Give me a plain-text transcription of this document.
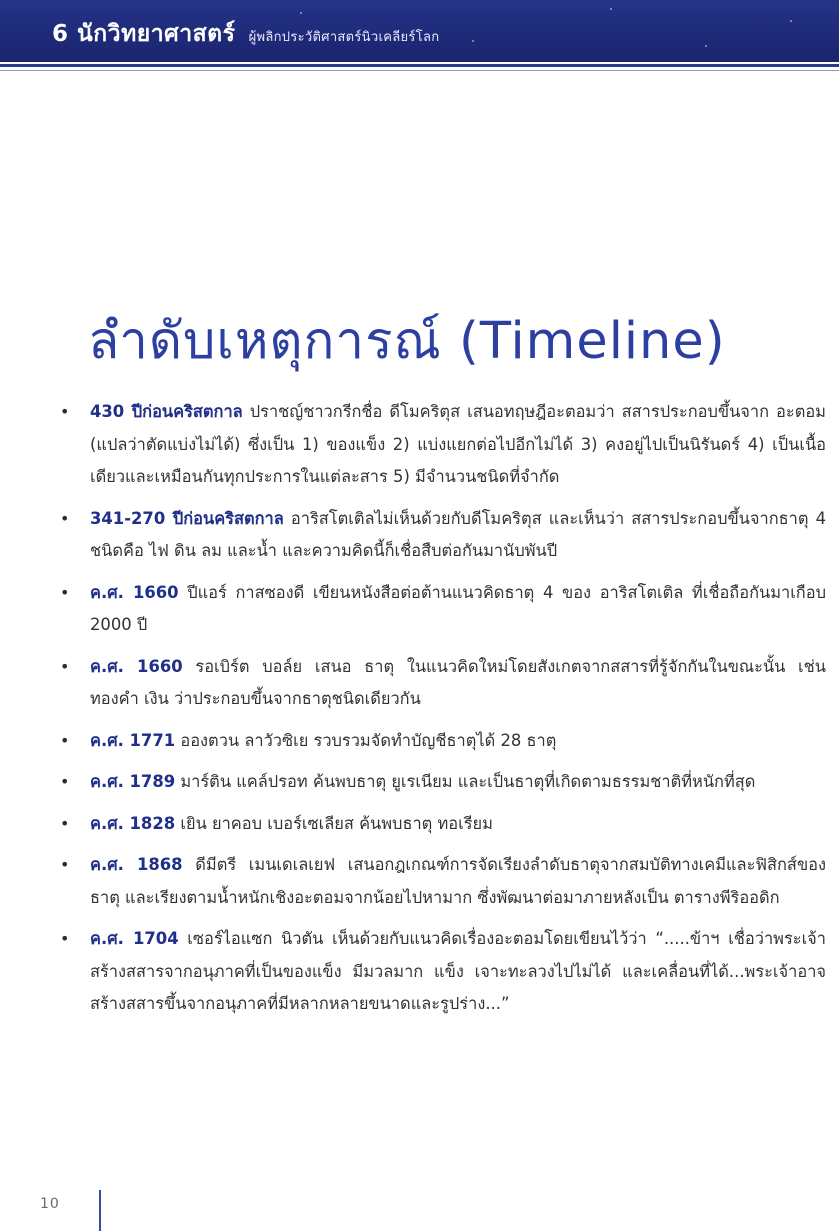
6 นักวิทยาศาสตร์ ผู้พลิกประวัติศาสตร์นิวเคลียร์โลก
ลำดับเหตุการณ์ (Timeline)
• 430 ปีก่อนคริสตกาล ปราชญ์ชาวกรีกชื่อ ดีโมคริตุส เสนอทฤษฎีอะตอมว่า สสารประกอบขึ้นจาก อะตอม (แปลว่าตัดแบ่งไม่ได้) ซึ่งเป็น 1) ของแข็ง 2) แบ่งแยกต่อไปอีกไม่ได้ 3) คงอยู่ไปเป็นนิรันดร์ 4) เป็นเนื้อเดียวและเหมือนกันทุกประการในแต่ละสาร 5) มีจำนวนชนิดที่จำกัด
• 341-270 ปีก่อนคริสตกาล อาริสโตเติลไม่เห็นด้วยกับดีโมคริตุส และเห็นว่า สสารประกอบขึ้นจากธาตุ 4 ชนิดคือ ไฟ ดิน ลม และน้ำ และความคิดนี้ก็เชื่อสืบต่อกันมานับพันปี
• ค.ศ. 1660 ปีแอร์ กาสซองดี เขียนหนังสือต่อต้านแนวคิดธาตุ 4 ของ อาริสโตเติล ที่เชื่อถือกันมาเกือบ 2000 ปี
• ค.ศ. 1660 รอเบิร์ต บอล์ย เสนอ ธาตุ ในแนวคิดใหม่โดยสังเกตจากสสารที่รู้จักกันในขณะนั้น เช่น ทองคำ เงิน ว่าประกอบขึ้นจากธาตุชนิดเดียวกัน
• ค.ศ. 1771 อองตวน ลาวัวซิเย รวบรวมจัดทำบัญชีธาตุได้ 28 ธาตุ
• ค.ศ. 1789 มาร์ติน แคล์ปรอท ค้นพบธาตุ ยูเรเนียม และเป็นธาตุที่เกิดตามธรรมชาติที่หนักที่สุด
• ค.ศ. 1828 เยิน ยาคอบ เบอร์เซเลียส ค้นพบธาตุ ทอเรียม
• ค.ศ. 1868 ดีมีตรี เมนเดเลเยฟ เสนอกฎเกณฑ์การจัดเรียงลำดับธาตุจากสมบัติทางเคมีและฟิสิกส์ของธาตุ และเรียงตามน้ำหนักเชิงอะตอมจากน้อยไปหามาก ซึ่งพัฒนาต่อมาภายหลังเป็น ตารางพีริออดิก
• ค.ศ. 1704 เซอร์ไอแซก นิวตัน เห็นด้วยกับแนวคิดเรื่องอะตอมโดยเขียนไว้ว่า “.....ข้าฯ เชื่อว่าพระเจ้าสร้างสสารจากอนุภาคที่เป็นของแข็ง มีมวลมาก แข็ง เจาะทะลวงไปไม่ได้ และเคลื่อนที่ได้...พระเจ้าอาจสร้างสสารขึ้นจากอนุภาคที่มีหลากหลายขนาดและรูปร่าง...”
10
